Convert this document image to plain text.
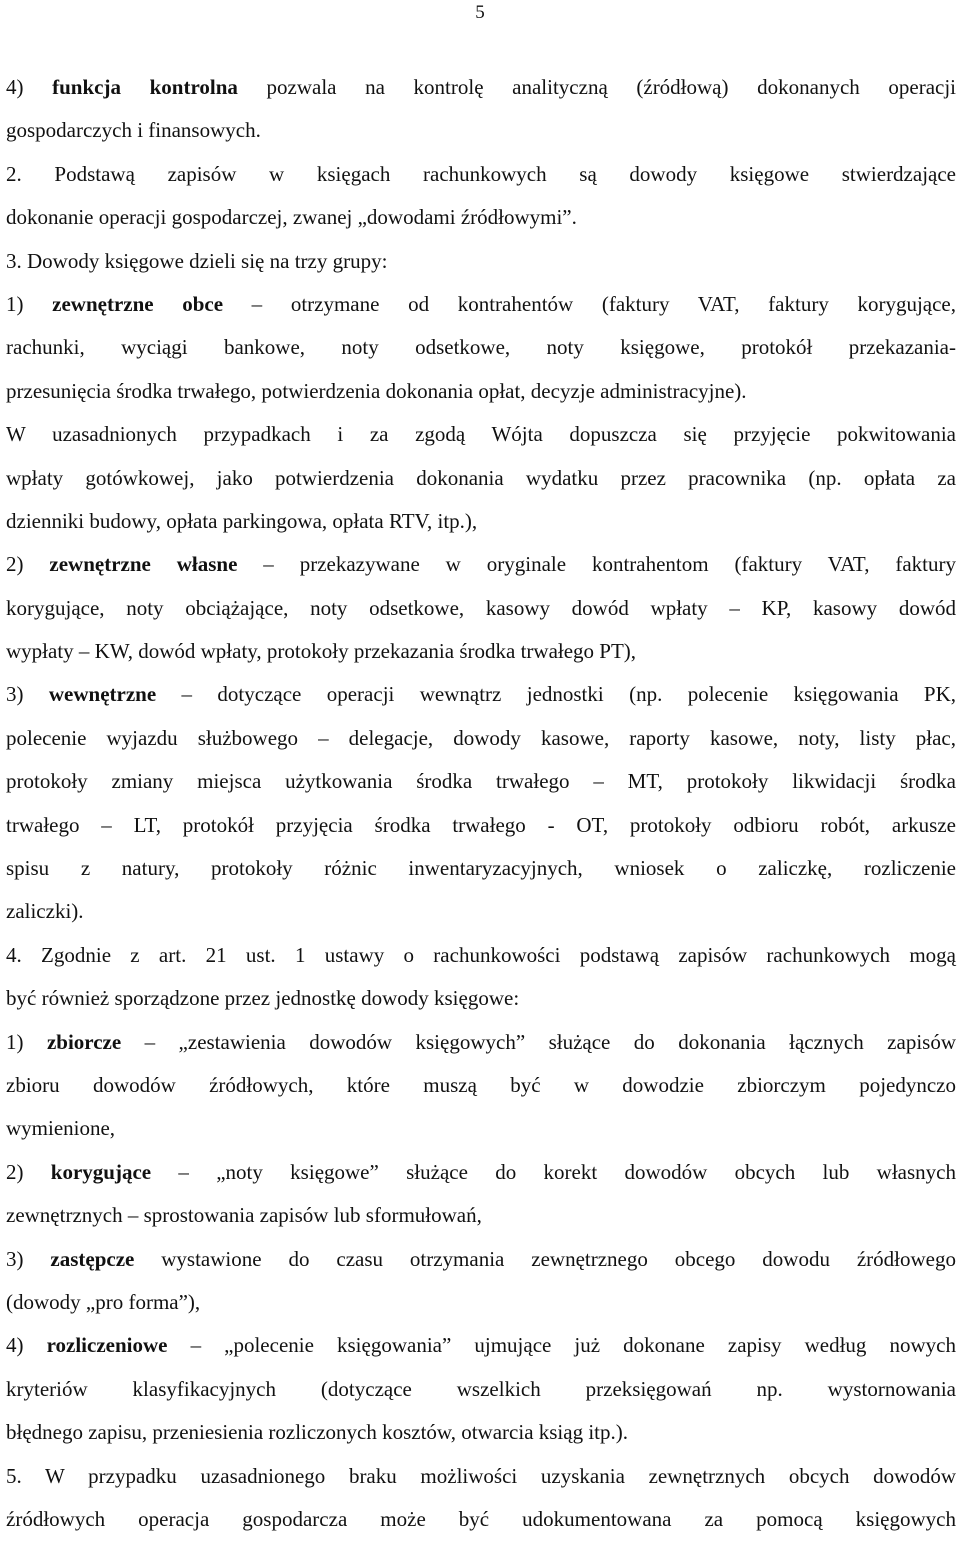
5
4) funkcja kontrolna pozwala na kontrolę analityczną (źródłową) dokonanych operacji
gospodarczych i finansowych.
2. Podstawą zapisów w księgach rachunkowych są dowody księgowe stwierdzające
dokonanie operacji gospodarczej, zwanej „dowodami źródłowymi”.
3. Dowody księgowe dzieli się na trzy grupy:
1) zewnętrzne obce – otrzymane od kontrahentów (faktury VAT, faktury korygujące,
rachunki, wyciągi bankowe, noty odsetkowe, noty księgowe, protokół przekazania-
przesunięcia środka trwałego, potwierdzenia dokonania opłat, decyzje administracyjne).
W uzasadnionych przypadkach i za zgodą Wójta dopuszcza się przyjęcie pokwitowania
wpłaty gotówkowej, jako potwierdzenia dokonania wydatku przez pracownika (np. opłata za
dzienniki budowy, opłata parkingowa, opłata RTV, itp.),
2) zewnętrzne własne – przekazywane w oryginale kontrahentom (faktury VAT, faktury
korygujące, noty obciążające, noty odsetkowe, kasowy dowód wpłaty – KP, kasowy dowód
wypłaty – KW, dowód wpłaty, protokoły przekazania środka trwałego PT),
3) wewnętrzne – dotyczące operacji wewnątrz jednostki (np. polecenie księgowania PK,
polecenie wyjazdu służbowego – delegacje, dowody kasowe, raporty kasowe, noty, listy płac,
protokoły zmiany miejsca użytkowania środka trwałego – MT, protokoły likwidacji środka
trwałego – LT, protokół przyjęcia środka trwałego - OT, protokoły odbioru robót, arkusze
spisu z natury, protokoły różnic inwentaryzacyjnych, wniosek o zaliczkę, rozliczenie
zaliczki).
4. Zgodnie z art. 21 ust. 1 ustawy o rachunkowości podstawą zapisów rachunkowych mogą
być również sporządzone przez jednostkę dowody księgowe:
1) zbiorcze – „zestawienia dowodów księgowych” służące do dokonania łącznych zapisów
zbioru dowodów źródłowych, które muszą być w dowodzie zbiorczym pojedynczo
wymienione,
2) korygujące – „noty księgowe” służące do korekt dowodów obcych lub własnych
zewnętrznych – sprostowania zapisów lub sformułowań,
3) zastępcze wystawione do czasu otrzymania zewnętrznego obcego dowodu źródłowego
(dowody „pro forma”),
4) rozliczeniowe – „polecenie księgowania” ujmujące już dokonane zapisy według nowych
kryteriów klasyfikacyjnych (dotyczące wszelkich przeksięgowań np. wystornowania
błędnego zapisu, przeniesienia rozliczonych kosztów, otwarcia ksiąg itp.).
5. W przypadku uzasadnionego braku możliwości uzyskania zewnętrznych obcych dowodów
źródłowych operacja gospodarcza może być udokumentowana za pomocą księgowych
